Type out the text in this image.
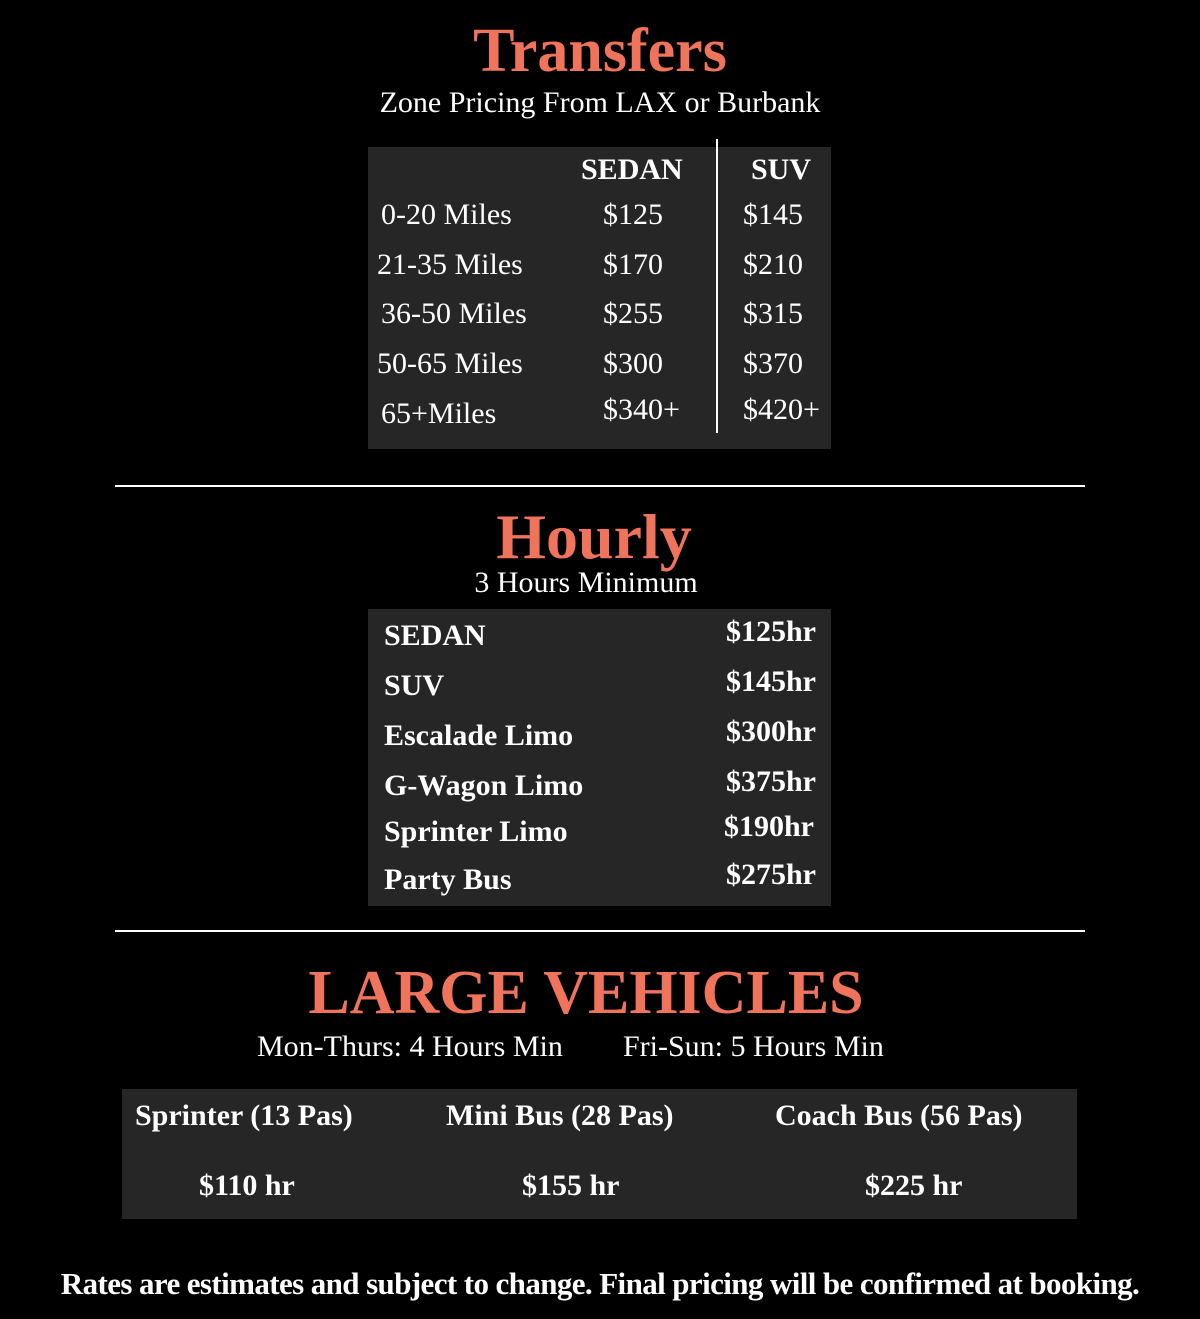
Transfers
Zone Pricing From LAX or Burbank
SEDAN SUV
0-20 Miles	$125	$145
21-35 Miles	$170	$210
36-50 Miles	$255	$315
50-65 Miles	$300	$370
65+Miles	$340+ $420+
Hourly
3 Hours Minimum
SEDAN	$125hr
SUV	$145hr
Escalade Limo	$300hr
G-Wagon Limo	$375hr
Sprinter Limo	$190hr
Party Bus	$275hr
LARGE VEHICLES
Mon-Thurs: 4 Hours Min Fri-Sun: 5 Hours Min
Sprinter (13 Pas)
$110 hr
Mini Bus (28 Pas)
$155 hr
Coach Bus (56 Pas)
$225 hr
Rates are estimates and subject to change. Final pricing will be confirmed at booking.
